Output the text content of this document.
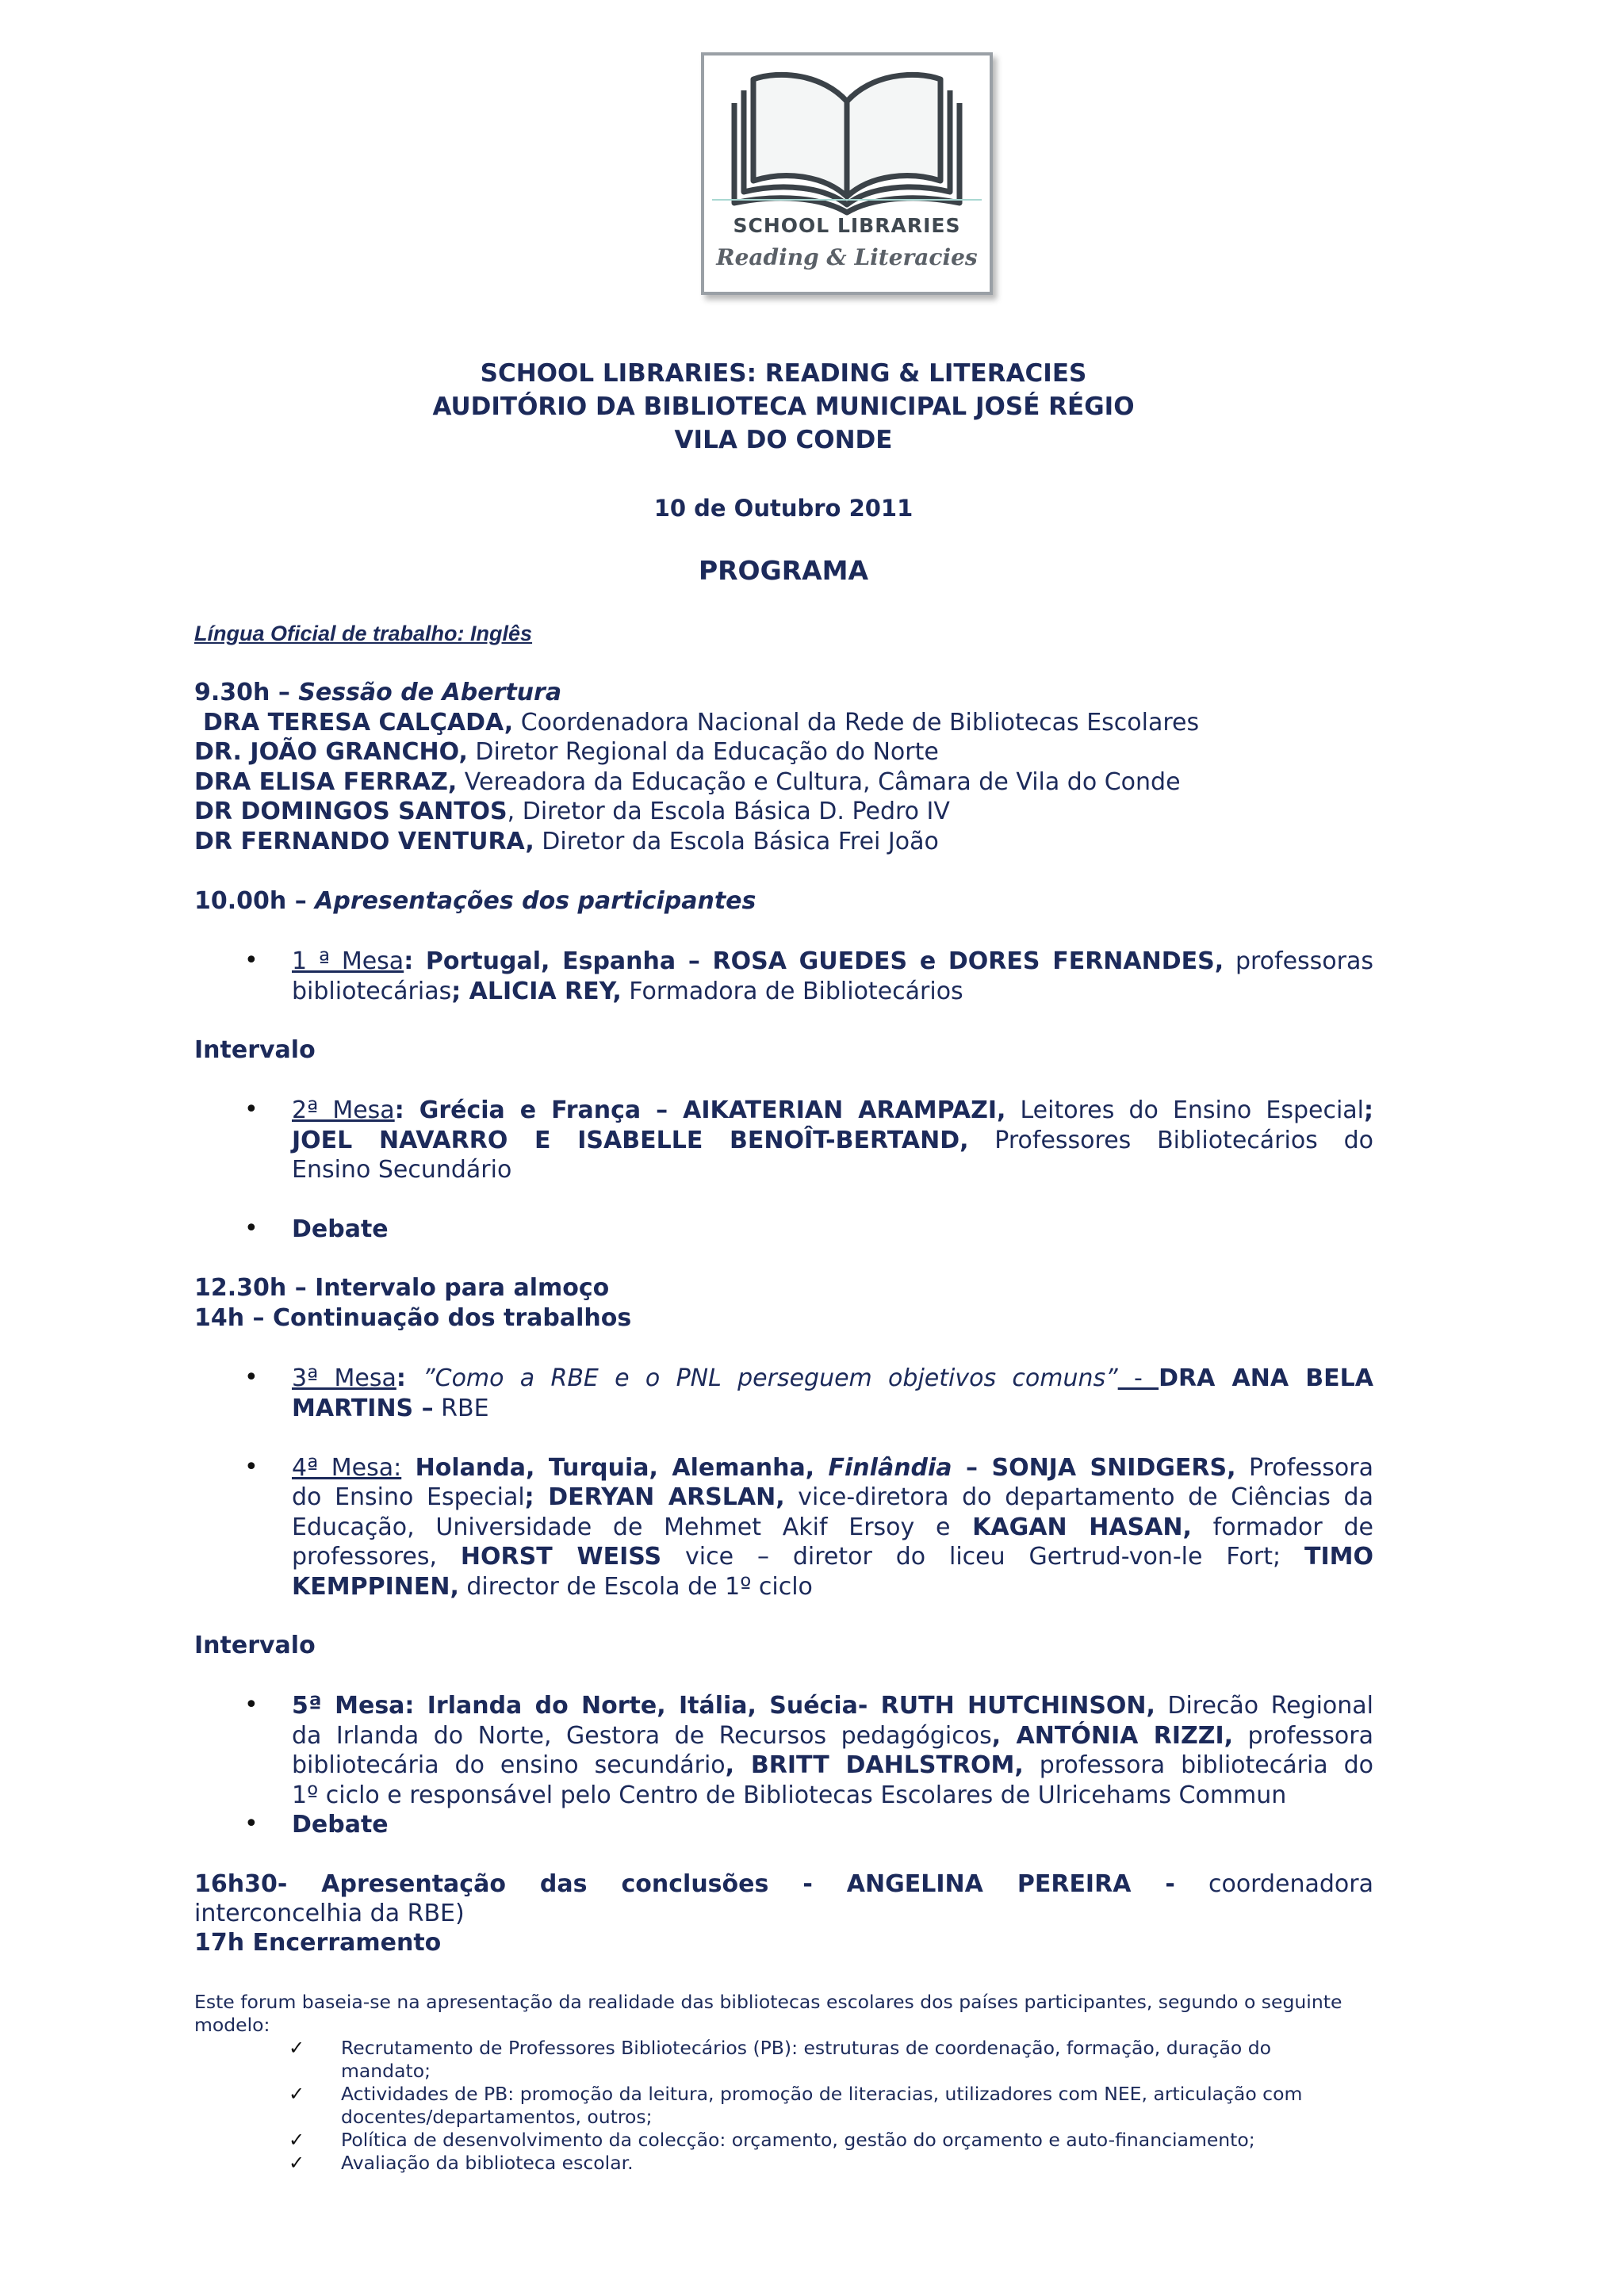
SCHOOL LIBRARIES
Reading & Literacies
SCHOOL LIBRARIES: READING & LITERACIES
AUDITÓRIO DA BIBLIOTECA MUNICIPAL JOSÉ RÉGIO
VILA DO CONDE
10 de Outubro 2011
PROGRAMA
Língua Oficial de trabalho: Inglês
9.30h – Sessão de Abertura
DRA TERESA CALÇADA, Coordenadora Nacional da Rede de Bibliotecas Escolares
DR. JOÃO GRANCHO, Diretor Regional da Educação do Norte
DRA ELISA FERRAZ, Vereadora da Educação e Cultura, Câmara de Vila do Conde
DR DOMINGOS SANTOS, Diretor da Escola Básica D. Pedro IV
DR FERNANDO VENTURA, Diretor da Escola Básica Frei João
10.00h – Apresentações dos participantes
• 1 ª Mesa: Portugal, Espanha – ROSA GUEDES e DORES FERNANDES, professoras
bibliotecárias; ALICIA REY, Formadora de Bibliotecários
Intervalo
• 2ª Mesa: Grécia e França – AIKATERIAN ARAMPAZI, Leitores do Ensino Especial;
JOEL NAVARRO E ISABELLE BENOÎT-BERTAND, Professores Bibliotecários do
Ensino Secundário
• Debate
12.30h – Intervalo para almoço
14h – Continuação dos trabalhos
• 3ª Mesa: ”Como a RBE e o PNL perseguem objetivos comuns” - DRA ANA BELA
MARTINS – RBE
• 4ª Mesa: Holanda, Turquia, Alemanha, Finlândia – SONJA SNIDGERS, Professora
do Ensino Especial; DERYAN ARSLAN, vice-diretora do departamento de Ciências da
Educação, Universidade de Mehmet Akif Ersoy e KAGAN HASAN, formador de
professores, HORST WEISS vice – diretor do liceu Gertrud-von-le Fort; TIMO
KEMPPINEN, director de Escola de 1º ciclo
Intervalo
• 5ª Mesa: Irlanda do Norte, Itália, Suécia- RUTH HUTCHINSON, Direcão Regional
da Irlanda do Norte, Gestora de Recursos pedagógicos, ANTÓNIA RIZZI, professora
bibliotecária do ensino secundário, BRITT DAHLSTROM, professora bibliotecária do
1º ciclo e responsável pelo Centro de Bibliotecas Escolares de Ulricehams Commun
• Debate
16h30- Apresentação das conclusões - ANGELINA PEREIRA - coordenadora
interconcelhia da RBE)
17h Encerramento
Este forum baseia-se na apresentação da realidade das bibliotecas escolares dos países participantes, segundo o seguinte
modelo:
✓ Recrutamento de Professores Bibliotecários (PB): estruturas de coordenação, formação, duração do
mandato;
✓ Actividades de PB: promoção da leitura, promoção de literacias, utilizadores com NEE, articulação com
docentes/departamentos, outros;
✓ Política de desenvolvimento da colecção: orçamento, gestão do orçamento e auto-financiamento;
✓ Avaliação da biblioteca escolar.
